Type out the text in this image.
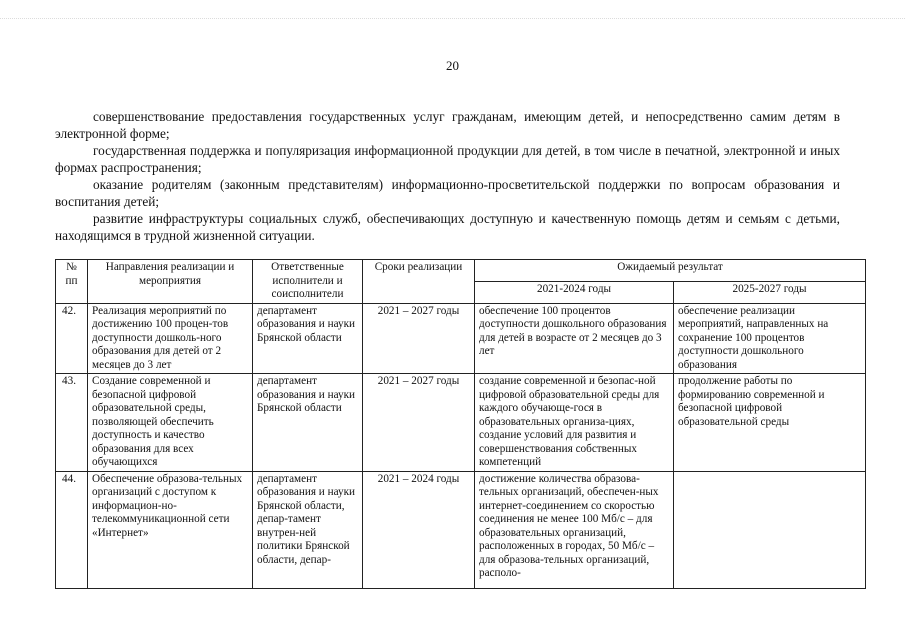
20

совершенствование предоставления государственных услуг гражданам, имеющим детей, и непосредственно самим детям в электронной форме;

государственная поддержка и популяризация информационной продукции для детей, в том числе в печатной, электронной и иных формах распространения;

оказание родителям (законным представителям) информационно-просветительской поддержки по вопросам образования и воспитания детей;

развитие инфраструктуры социальных служб, обеспечивающих доступную и качественную помощь детям и семьям с детьми, находящимся в трудной жизненной ситуации.

№ пп	Направления реализации и мероприятия	Ответственные исполнители и соисполнители	Сроки реализации	Ожидаемый результат	
				2021-2024 годы	2025-2027 годы
42.	Реализация мероприятий по достижению 100 процен-тов доступности дошколь-ного образования для детей от 2 месяцев до 3 лет	департамент образования и науки Брянской области	2021 – 2027 годы	обеспечение 100 процентов доступности дошкольного образования для детей в возрасте от 2 месяцев до 3 лет	обеспечение реализации мероприятий, направленных на сохранение 100 процентов доступности дошкольного образования
43.	Создание современной и безопасной цифровой образовательной среды, позволяющей обеспечить доступность и качество образования для всех обучающихся	департамент образования и науки Брянской области	2021 – 2027 годы	создание современной и безопас-ной цифровой образовательной среды для каждого обучающе-гося в образовательных организа-циях, создание условий для развития и совершенствования собственных компетенций	продолжение работы по формированию современной и безопасной цифровой образовательной среды
44.	Обеспечение образова-тельных организаций с доступом к информацион-но- телекоммуникационной сети «Интернет»	департамент образования и науки Брянской области, депар-тамент внутрен-ней политики Брянской области, депар-	2021 – 2024 годы	достижение количества образова-тельных организаций, обеспечен-ных интернет-соединением со скоростью соединения не менее 100 Мб/с – для образовательных организаций, расположенных в городах, 50 Мб/с – для образова-тельных организаций, располо-	
